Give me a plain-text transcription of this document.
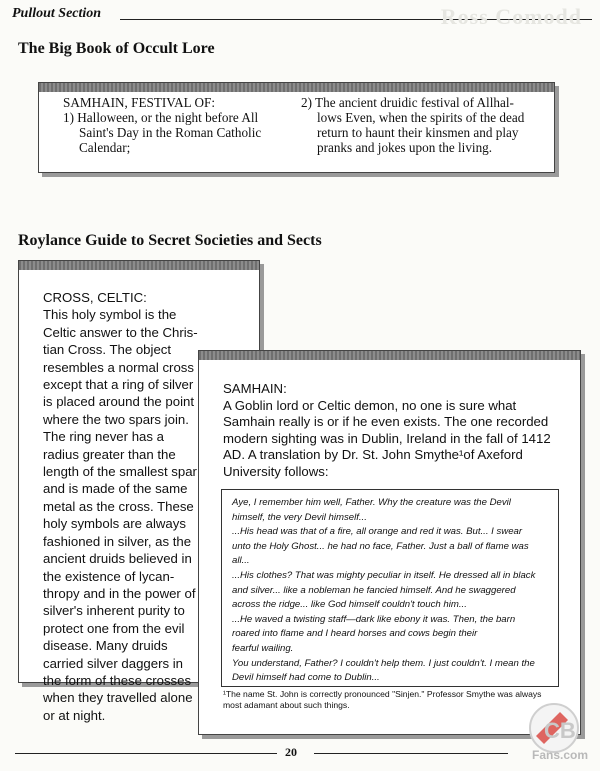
Pullout Section	Ross Comodd
The Big Book of Occult Lore
SAMHAIN, FESTIVAL OF:
1) Halloween, or the night before All
Saint's Day in the Roman Catholic
Calendar;
2) The ancient druidic festival of Allhal-
lows Even, when the spirits of the dead
return to haunt their kinsmen and play
pranks and jokes upon the living.
Roylance Guide to Secret Societies and Sects
CROSS, CELTIC:
This holy symbol is the
Celtic answer to the Chris-
tian Cross. The object
resembles a normal cross
except that a ring of silver
is placed around the point
where the two spars join.
The ring never has a
radius greater than the
length of the smallest spar
and is made of the same
metal as the cross. These
holy symbols are always
fashioned in silver, as the
ancient druids believed in
the existence of lycan-
thropy and in the power of
silver's inherent purity to
protect one from the evil
disease. Many druids
carried silver daggers in
the form of these crosses
when they travelled alone
or at night.
SAMHAIN:
A Goblin lord or Celtic demon, no one is sure what
Samhain really is or if he even exists. The one recorded
modern sighting was in Dublin, Ireland in the fall of 1412
AD. A translation by Dr. St. John Smythe¹of Axeford
University follows:
Aye, I remember him well, Father. Why the creature was the Devil
himself, the very Devil himself...
...His head was that of a fire, all orange and red it was. But... I swear
unto the Holy Ghost... he had no face, Father. Just a ball of flame was
all...
...His clothes? That was mighty peculiar in itself. He dressed all in black
and silver... like a nobleman he fancied himself. And he swaggered
across the ridge... like God himself couldn't touch him...
...He waved a twisting staff—dark like ebony it was. Then, the barn
roared into flame and I heard horses and cows begin their
fearful wailing.
You understand, Father? I couldn't help them. I just couldn't. I mean the
Devil himself had come to Dublin...
¹The name St. John is correctly pronounced "Sinjen." Professor Smythe was always
most adamant about such things.
20
CB
Fans.com
